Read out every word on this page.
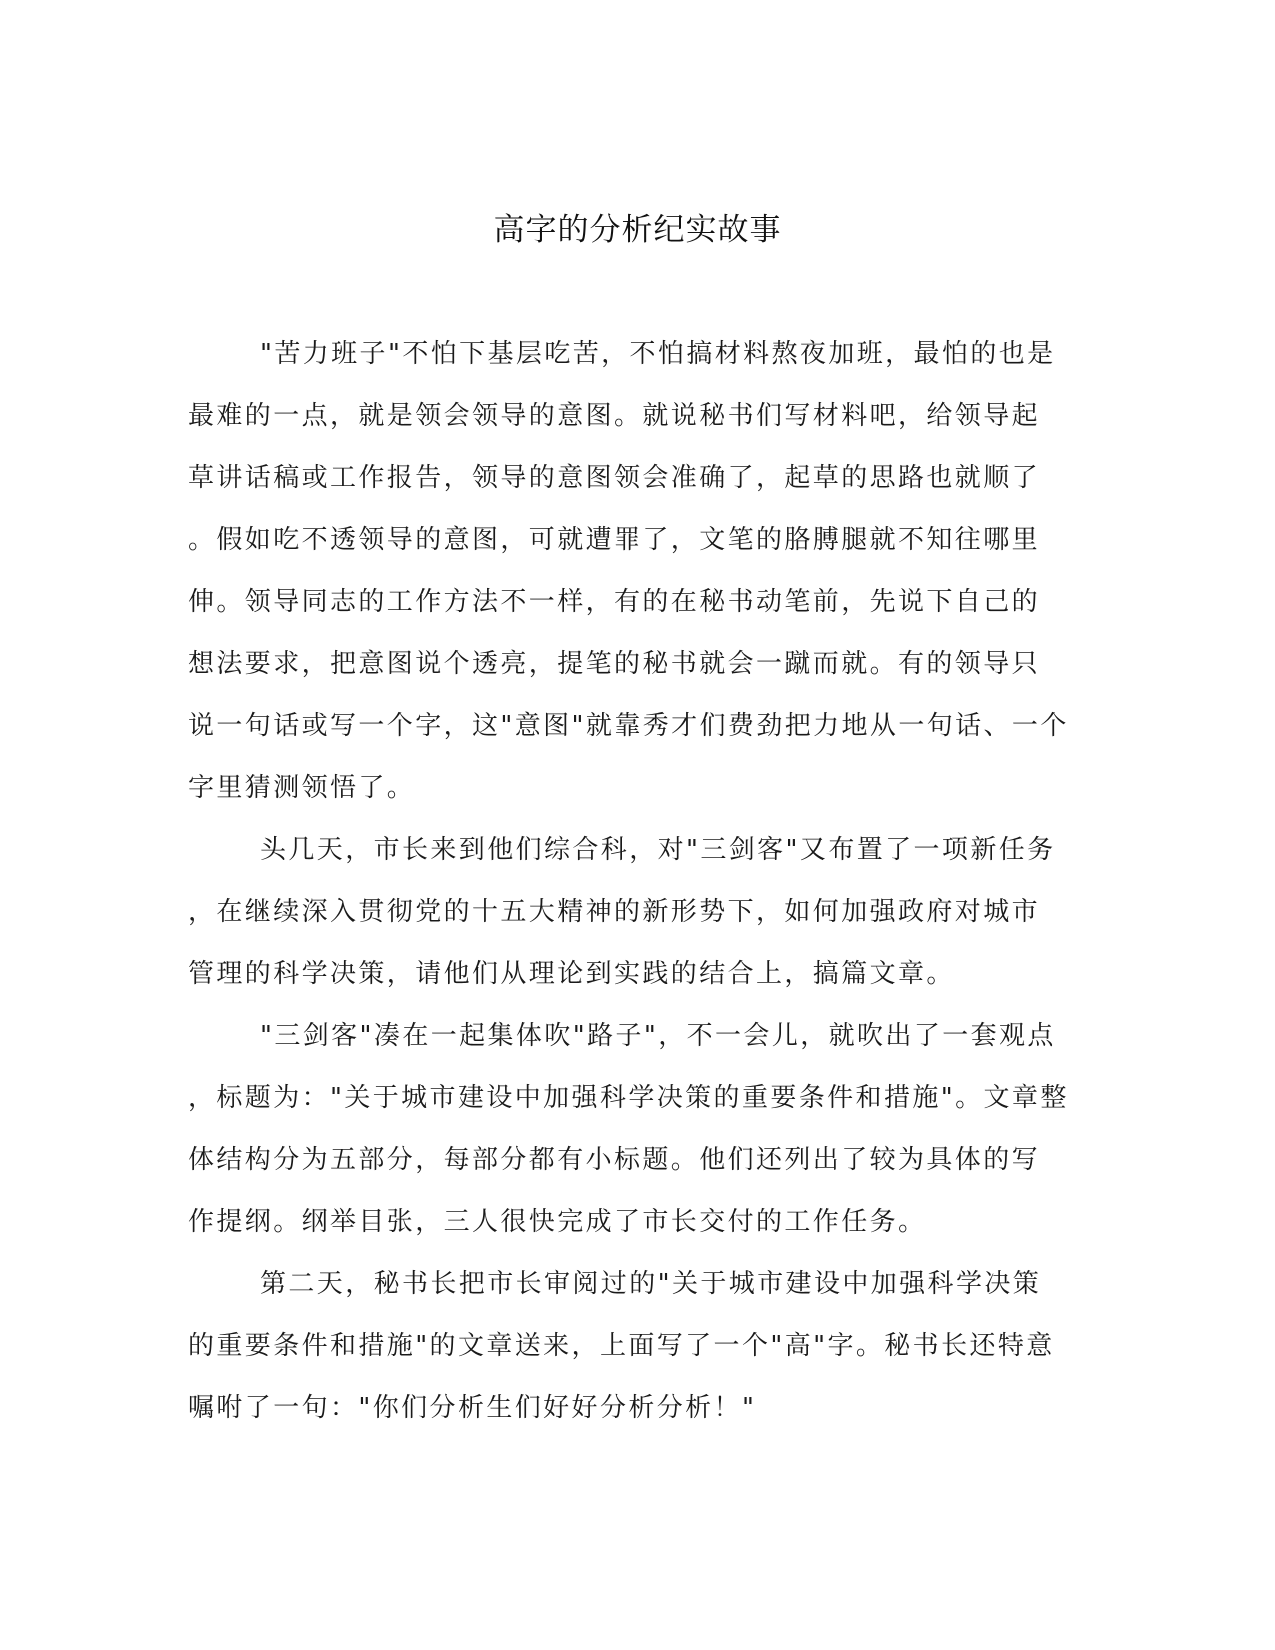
高字的分析纪实故事
"苦力班子"不怕下基层吃苦，不怕搞材料熬夜加班，最怕的也是
最难的一点，就是领会领导的意图。就说秘书们写材料吧，给领导起
草讲话稿或工作报告，领导的意图领会准确了，起草的思路也就顺了
。假如吃不透领导的意图，可就遭罪了，文笔的胳膊腿就不知往哪里
伸。领导同志的工作方法不一样，有的在秘书动笔前，先说下自己的
想法要求，把意图说个透亮，提笔的秘书就会一蹴而就。有的领导只
说一句话或写一个字，这"意图"就靠秀才们费劲把力地从一句话、一个
字里猜测领悟了。
头几天，市长来到他们综合科，对"三剑客"又布置了一项新任务
，在继续深入贯彻党的十五大精神的新形势下，如何加强政府对城市
管理的科学决策，请他们从理论到实践的结合上，搞篇文章。
"三剑客"凑在一起集体吹"路子"，不一会儿，就吹出了一套观点
，标题为："关于城市建设中加强科学决策的重要条件和措施"。文章整
体结构分为五部分，每部分都有小标题。他们还列出了较为具体的写
作提纲。纲举目张，三人很快完成了市长交付的工作任务。
第二天，秘书长把市长审阅过的"关于城市建设中加强科学决策
的重要条件和措施"的文章送来，上面写了一个"高"字。秘书长还特意
嘱咐了一句："你们分析生们好好分析分析！"
